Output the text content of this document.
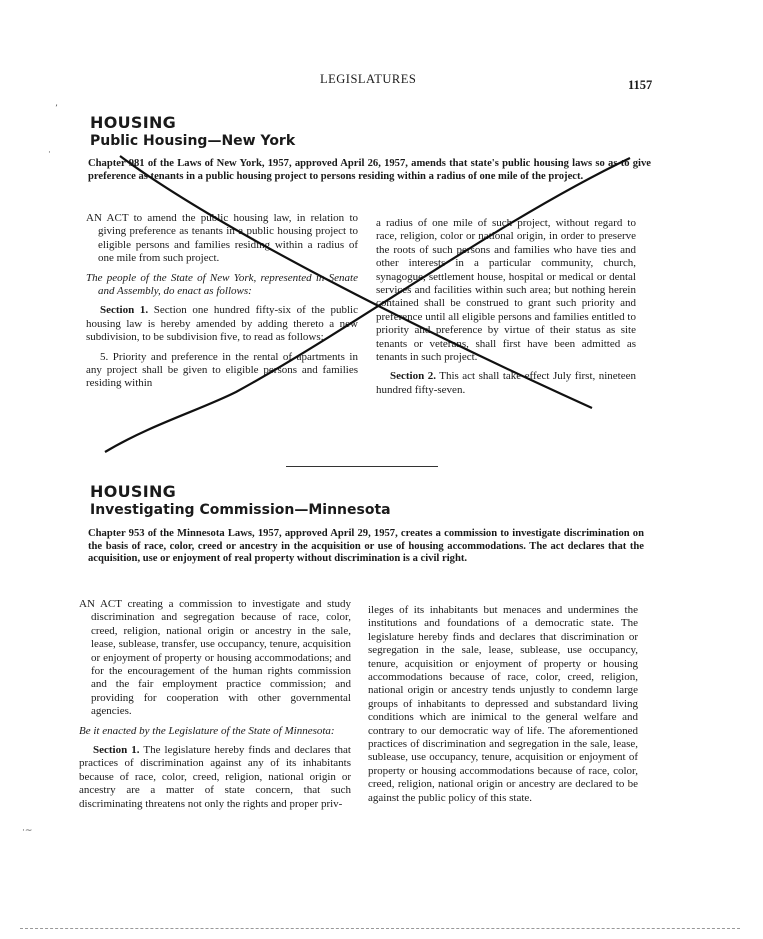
LEGISLATURES	1157
HOUSING
Public Housing—New York
Chapter 981 of the Laws of New York, 1957, approved April 26, 1957, amends that state's public housing laws so as to give preference as tenants in a public housing project to persons residing within a radius of one mile of the project.

AN ACT to amend the public housing law, in relation to giving preference as tenants in a public housing project to eligible persons and families residing within a radius of one mile from such project.

The people of the State of New York, represented in Senate and Assembly, do enact as follows:

Section 1. Section one hundred fifty-six of the public housing law is hereby amended by adding thereto a new subdivision, to be subdivision five, to read as follows:

5. Priority and preference in the rental of apartments in any project shall be given to eligible persons and families residing within

a radius of one mile of such project, without regard to race, religion, color or national origin, in order to preserve the roots of such persons and families who have ties and other interests in a particular community, church, synagogue, settlement house, hospital or medical or dental services and facilities within such area; but nothing herein contained shall be construed to grant such priority and preference until all eligible persons and families entitled to priority and preference by virtue of their status as site tenants or veterans, shall first have been admitted as tenants in such project.

Section 2. This act shall take effect July first, nineteen hundred fifty-seven.

HOUSING
Investigating Commission—Minnesota
Chapter 953 of the Minnesota Laws, 1957, approved April 29, 1957, creates a commission to investigate discrimination on the basis of race, color, creed or ancestry in the acquisition or use of housing accommodations. The act declares that the acquisition, use or enjoyment of real property without discrimination is a civil right.

AN ACT creating a commission to investigate and study discrimination and segregation because of race, color, creed, religion, national origin or ancestry in the sale, lease, sublease, transfer, use occupancy, tenure, acquisition or enjoyment of property or housing accommodations; and for the encouragement of the human rights commission and the fair employment practice commission; and providing for cooperation with other governmental agencies.

Be it enacted by the Legislature of the State of Minnesota:

Section 1. The legislature hereby finds and declares that practices of discrimination against any of its inhabitants because of race, color, creed, religion, national origin or ancestry are a matter of state concern, that such discriminating threatens not only the rights and proper priv-

ileges of its inhabitants but menaces and undermines the institutions and foundations of a democratic state. The legislature hereby finds and declares that discrimination or segregation in the sale, lease, sublease, use occupancy, tenure, acquisition or enjoyment of property or housing accommodations because of race, color, creed, religion, national origin or ancestry tends unjustly to condemn large groups of inhabitants to depressed and substandard living conditions which are inimical to the general welfare and contrary to our democratic way of life. The aforementioned practices of discrimination and segregation in the sale, lease, sublease, use occupancy, tenure, acquisition or enjoyment of property or housing accommodations because of race, color, creed, religion, national origin or ancestry are declared to be against the public policy of this state.

ʼ
·
·~
